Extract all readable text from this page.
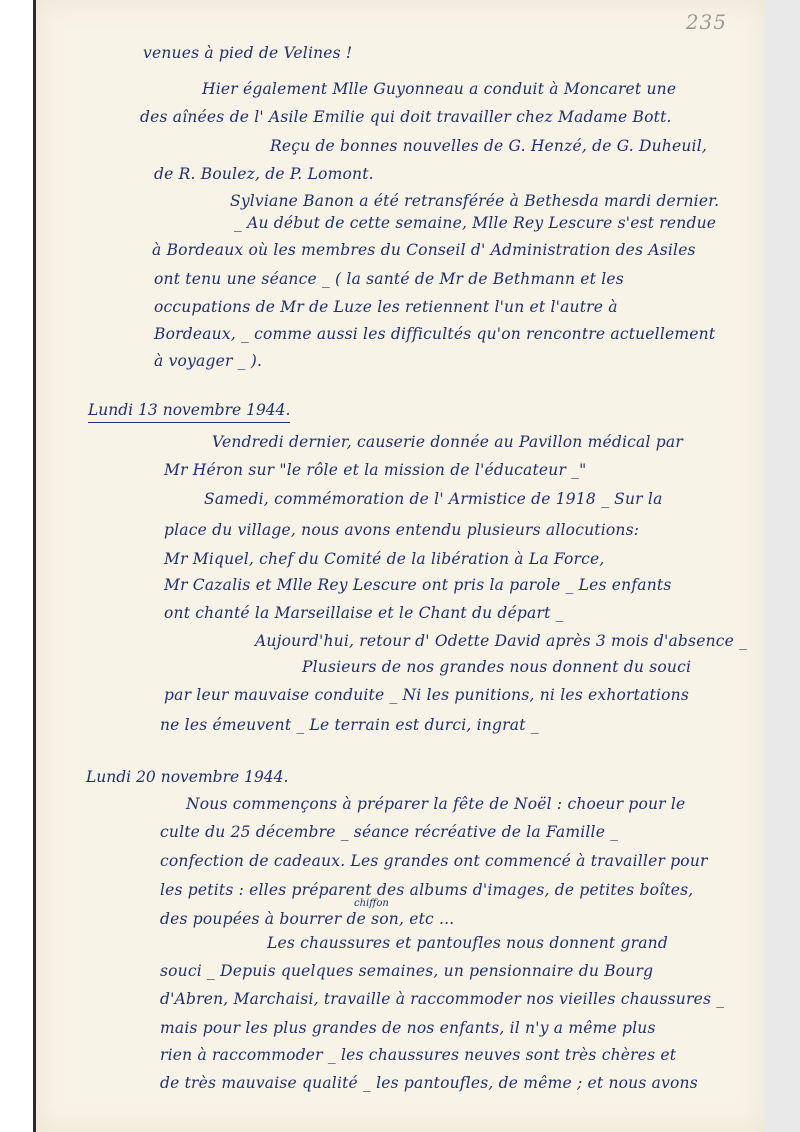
235
venues à pied de Velines !
Hier également Mlle Guyonneau a conduit à Moncaret une
des aînées de l' Asile Emilie qui doit travailler chez Madame Bott.
Reçu de bonnes nouvelles de G. Henzé, de G. Duheuil,
de R. Boulez, de P. Lomont.
Sylviane Banon a été retransférée à Bethesda mardi dernier.
_ Au début de cette semaine, Mlle Rey Lescure s'est rendue
à Bordeaux où les membres du Conseil d' Administration des Asiles
ont tenu une séance _ ( la santé de Mr de Bethmann et les
occupations de Mr de Luze les retiennent l'un et l'autre à
Bordeaux, _ comme aussi les difficultés qu'on rencontre actuellement
à voyager _ ).
Lundi 13 novembre 1944.
Vendredi dernier, causerie donnée au Pavillon médical par
Mr Héron sur "le rôle et la mission de l'éducateur _"
Samedi, commémoration de l' Armistice de 1918 _ Sur la
place du village, nous avons entendu plusieurs allocutions:
Mr Miquel, chef du Comité de la libération à La Force,
Mr Cazalis et Mlle Rey Lescure ont pris la parole _ Les enfants
ont chanté la Marseillaise et le Chant du départ _
Aujourd'hui, retour d' Odette David après 3 mois d'absence _
Plusieurs de nos grandes nous donnent du souci
par leur mauvaise conduite _ Ni les punitions, ni les exhortations
ne les émeuvent _ Le terrain est durci, ingrat _
Lundi 20 novembre 1944.
Nous commençons à préparer la fête de Noël : choeur pour le
culte du 25 décembre _ séance récréative de la Famille _
confection de cadeaux. Les grandes ont commencé à travailler pour
les petits : elles préparent des albums d'images, de petites boîtes,
chiffon
des poupées à bourrer de son, etc ...
Les chaussures et pantoufles nous donnent grand
souci _ Depuis quelques semaines, un pensionnaire du Bourg
d'Abren, Marchaisi, travaille à raccommoder nos vieilles chaussures _
mais pour les plus grandes de nos enfants, il n'y a même plus
rien à raccommoder _ les chaussures neuves sont très chères et
de très mauvaise qualité _ les pantoufles, de même ; et nous avons
